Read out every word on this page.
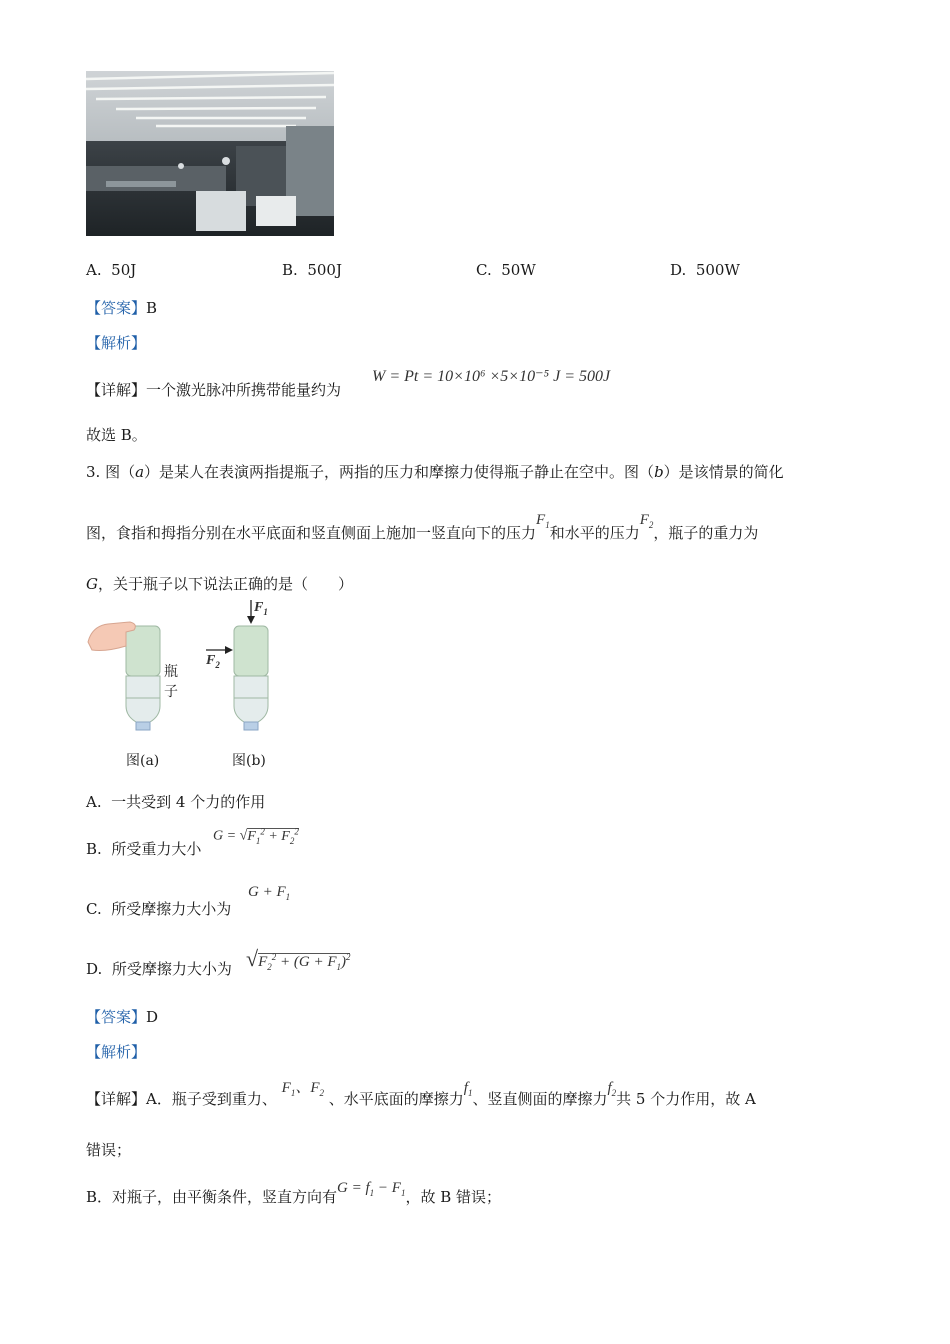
A. 50J	B. 500J	C. 50W	D. 500W
【答案】B
【解析】
【详解】一个激光脉冲所携带能量约为
W = Pt = 10×10⁶ ×5×10⁻⁵ J = 500J
故选 B。
3. 图（a）是某人在表演两指提瓶子，两指的压力和摩擦力使得瓶子静止在空中。图（b）是该情景的简化
图，食指和拇指分别在水平底面和竖直侧面上施加一竖直向下的压力$F_1$和水平的压力$F_2$，瓶子的重力为
G，关于瓶子以下说法正确的是（　　）
$F_1$
$F_2$
瓶子
图(a)	图(b)
A. 一共受到 4 个力的作用
B. 所受重力大小
$G = √F_1^2 + F_2^2$
C. 所受摩擦力大小为
$G + F_1$
D. 所受摩擦力大小为 $√F_2^2 + (G + F_1)^2$
【答案】D
【解析】
【详解】A．瓶子受到重力、 $F_1$、$F_2$ 、水平底面的摩擦力$f_1$、竖直侧面的摩擦力$f_2$共 5 个力作用，故 A
错误；
B．对瓶子，由平衡条件，竖直方向有$G = f_1 - F_1$，故 B 错误；
